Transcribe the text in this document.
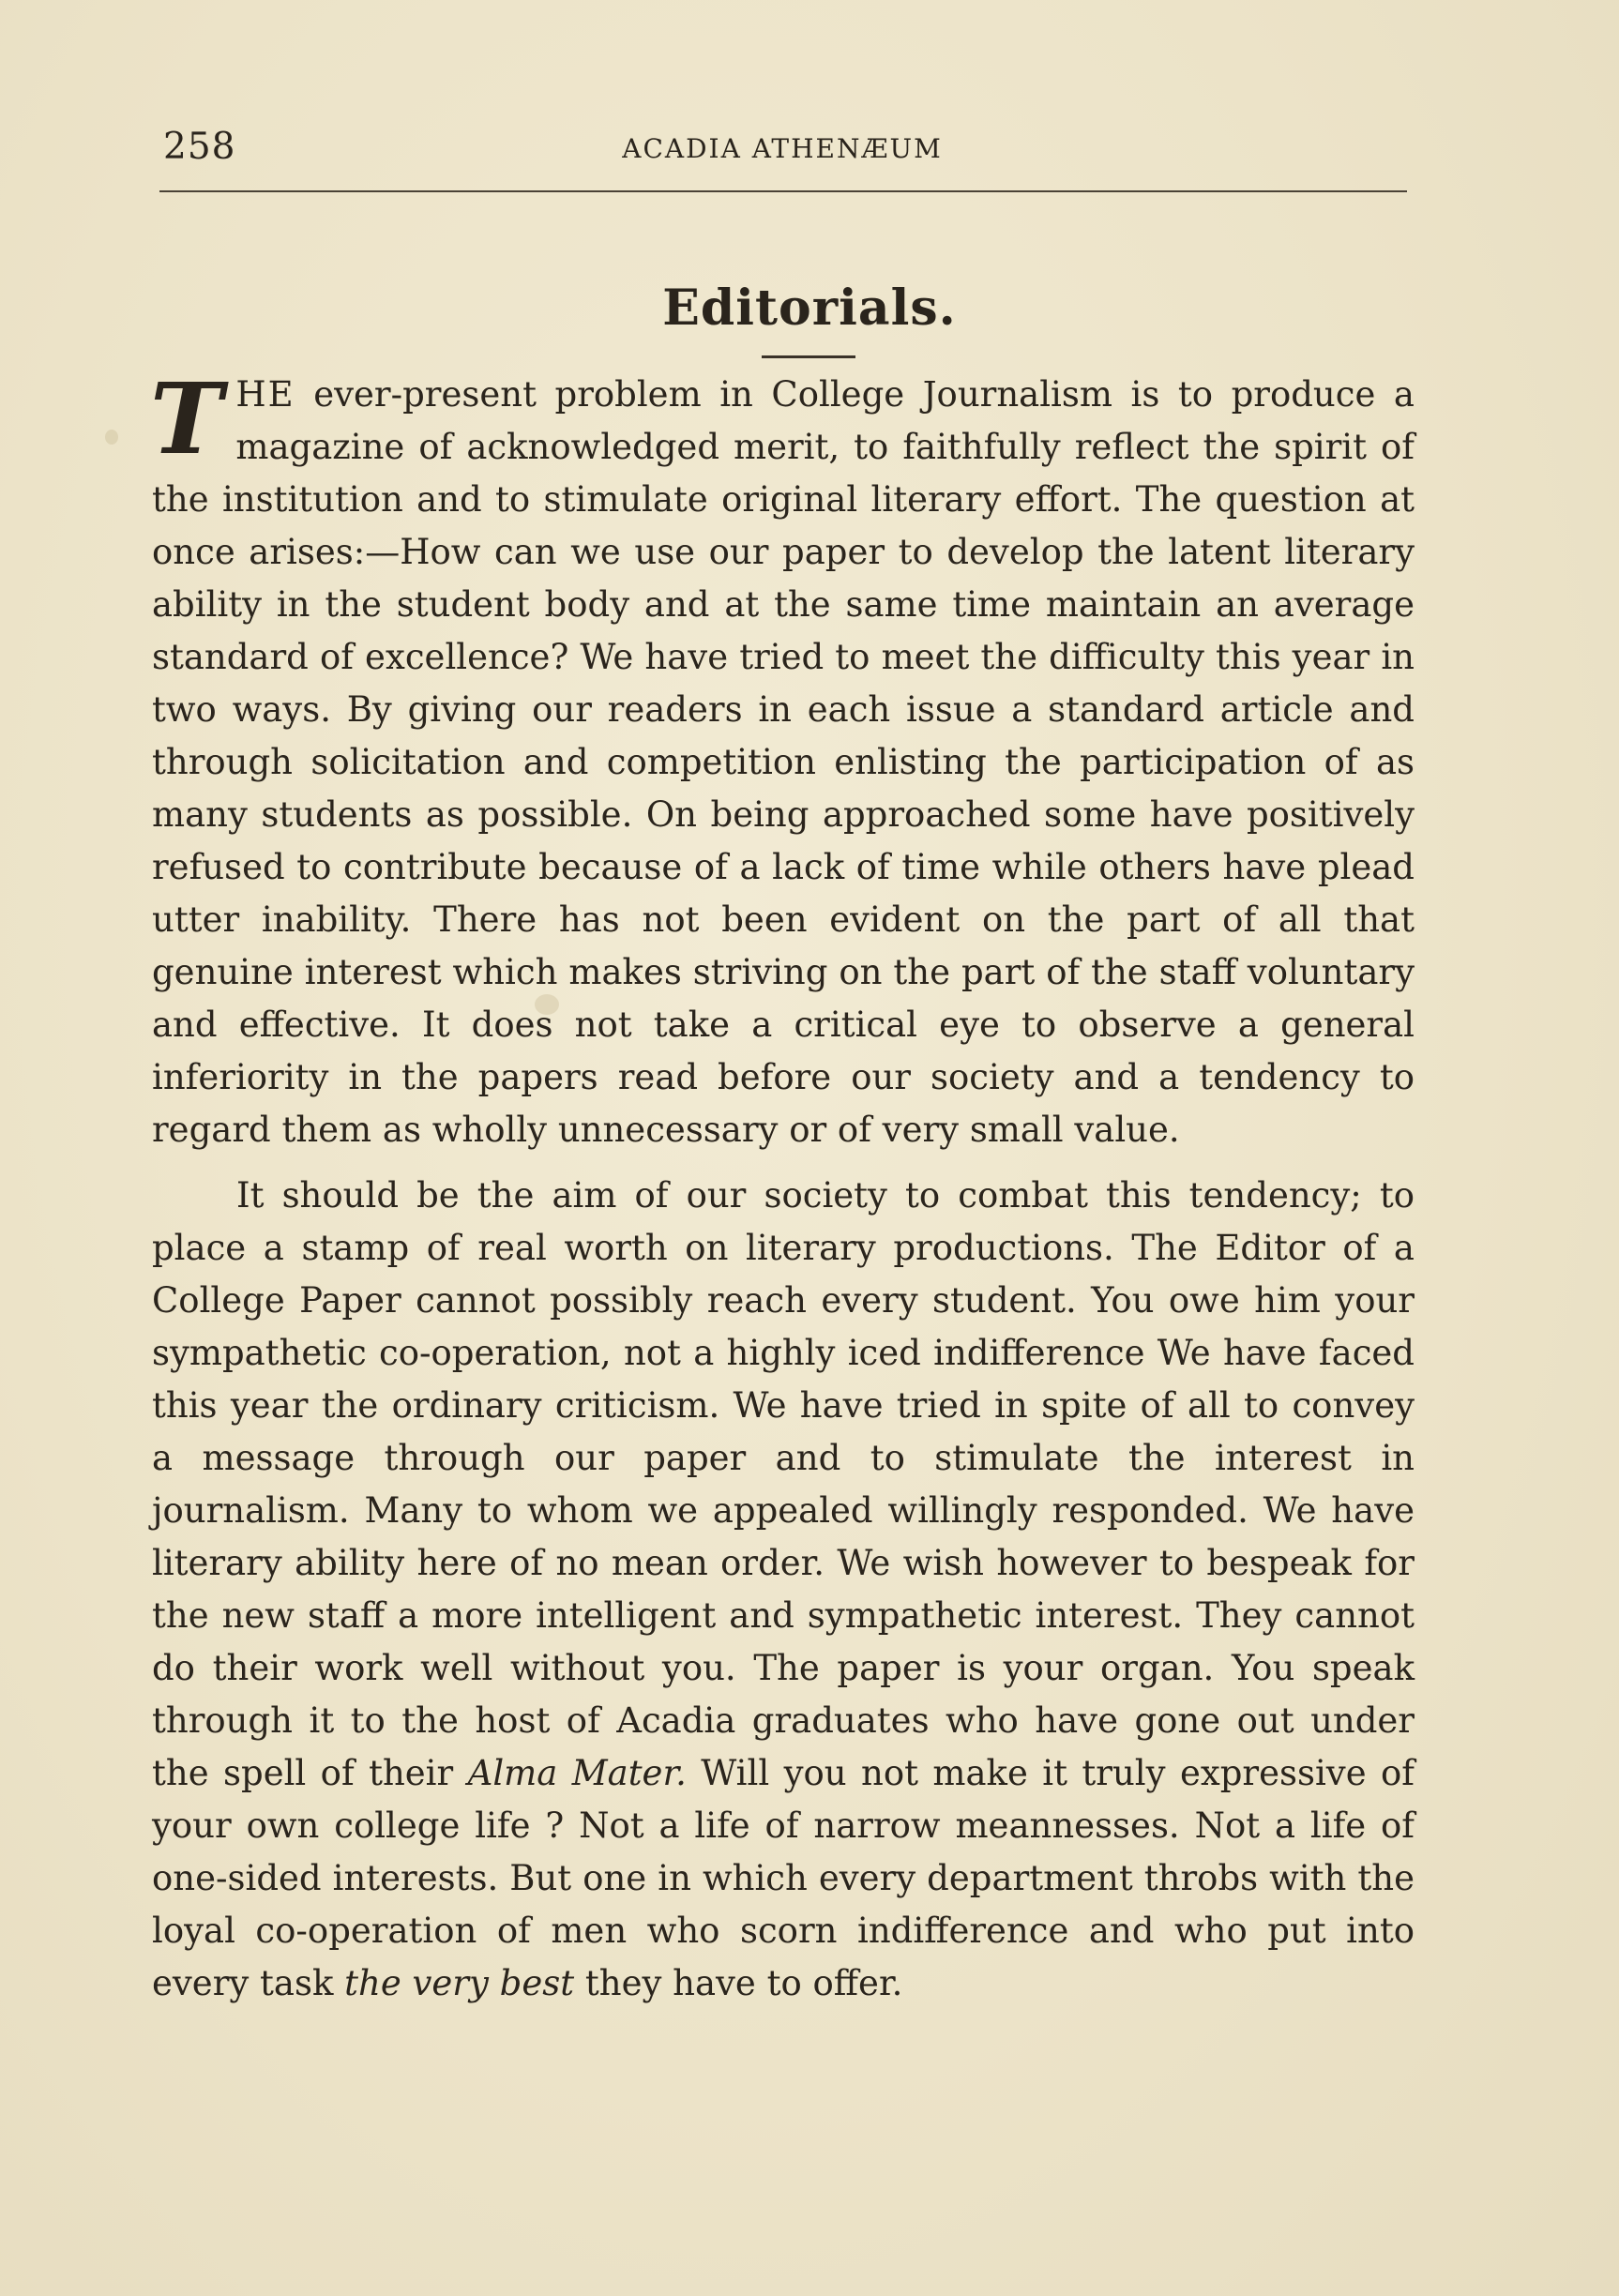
258	ACADIA ATHENÆUM
Editorials.

THE ever-present problem in College Journalism is to produce a magazine of acknowledged merit, to faithfully reflect the spirit of the institution and to stimulate original literary effort. The question at once arises:—How can we use our paper to develop the latent literary ability in the student body and at the same time maintain an average standard of excellence? We have tried to meet the difficulty this year in two ways. By giving our readers in each issue a standard article and through solicitation and competition enlisting the participation of as many students as possible. On being approached some have positively refused to contribute because of a lack of time while others have plead utter inability. There has not been evident on the part of all that genuine interest which makes striving on the part of the staff voluntary and effective. It does not take a critical eye to observe a general inferiority in the papers read before our society and a tendency to regard them as wholly unnecessary or of very small value.

It should be the aim of our society to combat this tendency; to place a stamp of real worth on literary productions. The Editor of a College Paper cannot possibly reach every student. You owe him your sympathetic co-operation, not a highly iced indifference We have faced this year the ordinary criticism. We have tried in spite of all to convey a message through our paper and to stimulate the interest in journalism. Many to whom we appealed willingly responded. We have literary ability here of no mean order. We wish however to bespeak for the new staff a more intelligent and sympathetic interest. They cannot do their work well without you. The paper is your organ. You speak through it to the host of Acadia graduates who have gone out under the spell of their Alma Mater. Will you not make it truly expressive of your own college life ? Not a life of narrow meannesses. Not a life of one-sided interests. But one in which every department throbs with the loyal co-operation of men who scorn indifference and who put into every task the very best they have to offer.
